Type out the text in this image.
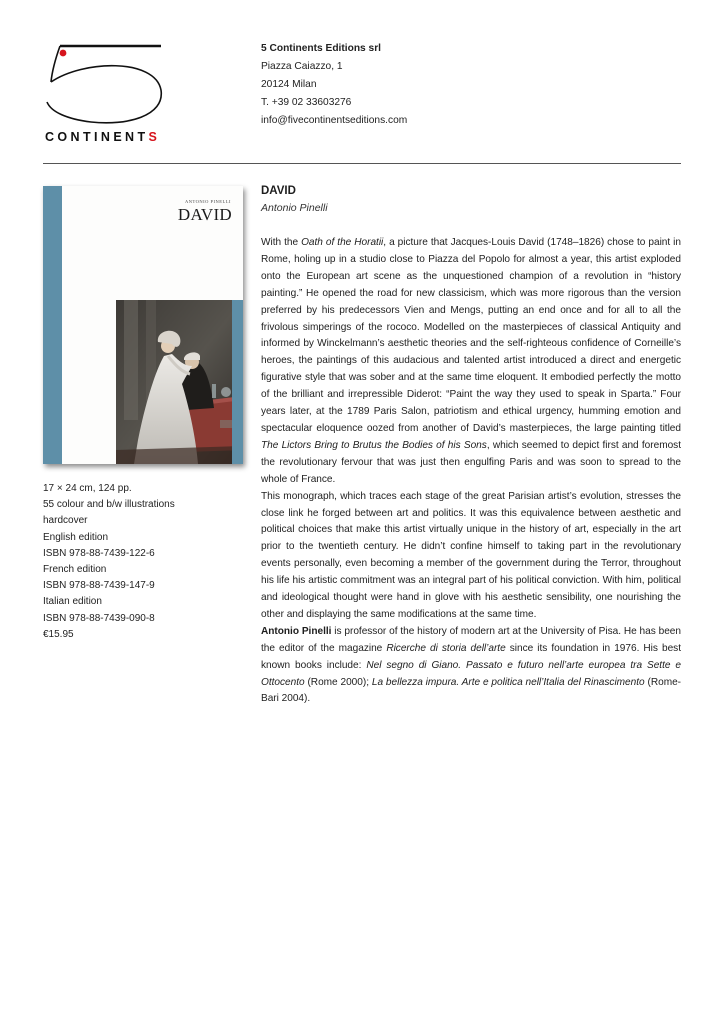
CONTINENTS
5 Continents Editions srl
Piazza Caiazzo, 1
20124 Milan
T. +39 02 33603276
info@fivecontinentseditions.com
ANTONIO PINELLI
DAVID
17 × 24 cm, 124 pp.
55 colour and b/w illustrations
hardcover
English edition
ISBN 978-88-7439-122-6
French edition
ISBN 978-88-7439-147-9
Italian edition
ISBN 978-88-7439-090-8
€15.95
DAVID
Antonio Pinelli

With the Oath of the Horatii, a picture that Jacques-Louis David (1748–1826) chose to paint in Rome, holing up in a studio close to Piazza del Popolo for almost a year, this artist exploded onto the European art scene as the unquestioned champion of a revolution in “history painting.” He opened the road for new classicism, which was more rigorous than the version preferred by his predecessors Vien and Mengs, putting an end once and for all to all the frivolous simperings of the rococo. Modelled on the masterpieces of classical Antiquity and informed by Winckelmann’s aesthetic theories and the self-righteous confidence of Corneille’s heroes, the paintings of this audacious and talented artist introduced a direct and energetic figurative style that was sober and at the same time eloquent. It embodied perfectly the motto of the brilliant and irrepressible Diderot: “Paint the way they used to speak in Sparta.” Four years later, at the 1789 Paris Salon, patriotism and ethical urgency, humming emotion and spectacular eloquence oozed from another of David’s masterpieces, the large painting titled The Lictors Bring to Brutus the Bodies of his Sons, which seemed to depict first and foremost the revolutionary fervour that was just then engulfing Paris and was soon to spread to the whole of France.

This monograph, which traces each stage of the great Parisian artist’s evolution, stresses the close link he forged between art and politics. It was this equivalence between aesthetic and political choices that make this artist virtually unique in the history of art, especially in the art prior to the twentieth century. He didn’t confine himself to taking part in the revolutionary events personally, even becoming a member of the government during the Terror, throughout his life his artistic commitment was an integral part of his political conviction. With him, political and ideological thought were hand in glove with his aesthetic sensibility, one nourishing the other and displaying the same modifications at the same time.

Antonio Pinelli is professor of the history of modern art at the University of Pisa. He has been the editor of the magazine Ricerche di storia dell’arte since its foundation in 1976. His best known books include: Nel segno di Giano. Passato e futuro nell’arte europea tra Sette e Ottocento (Rome 2000); La bellezza impura. Arte e politica nell’Italia del Rinascimento (Rome-Bari 2004).
